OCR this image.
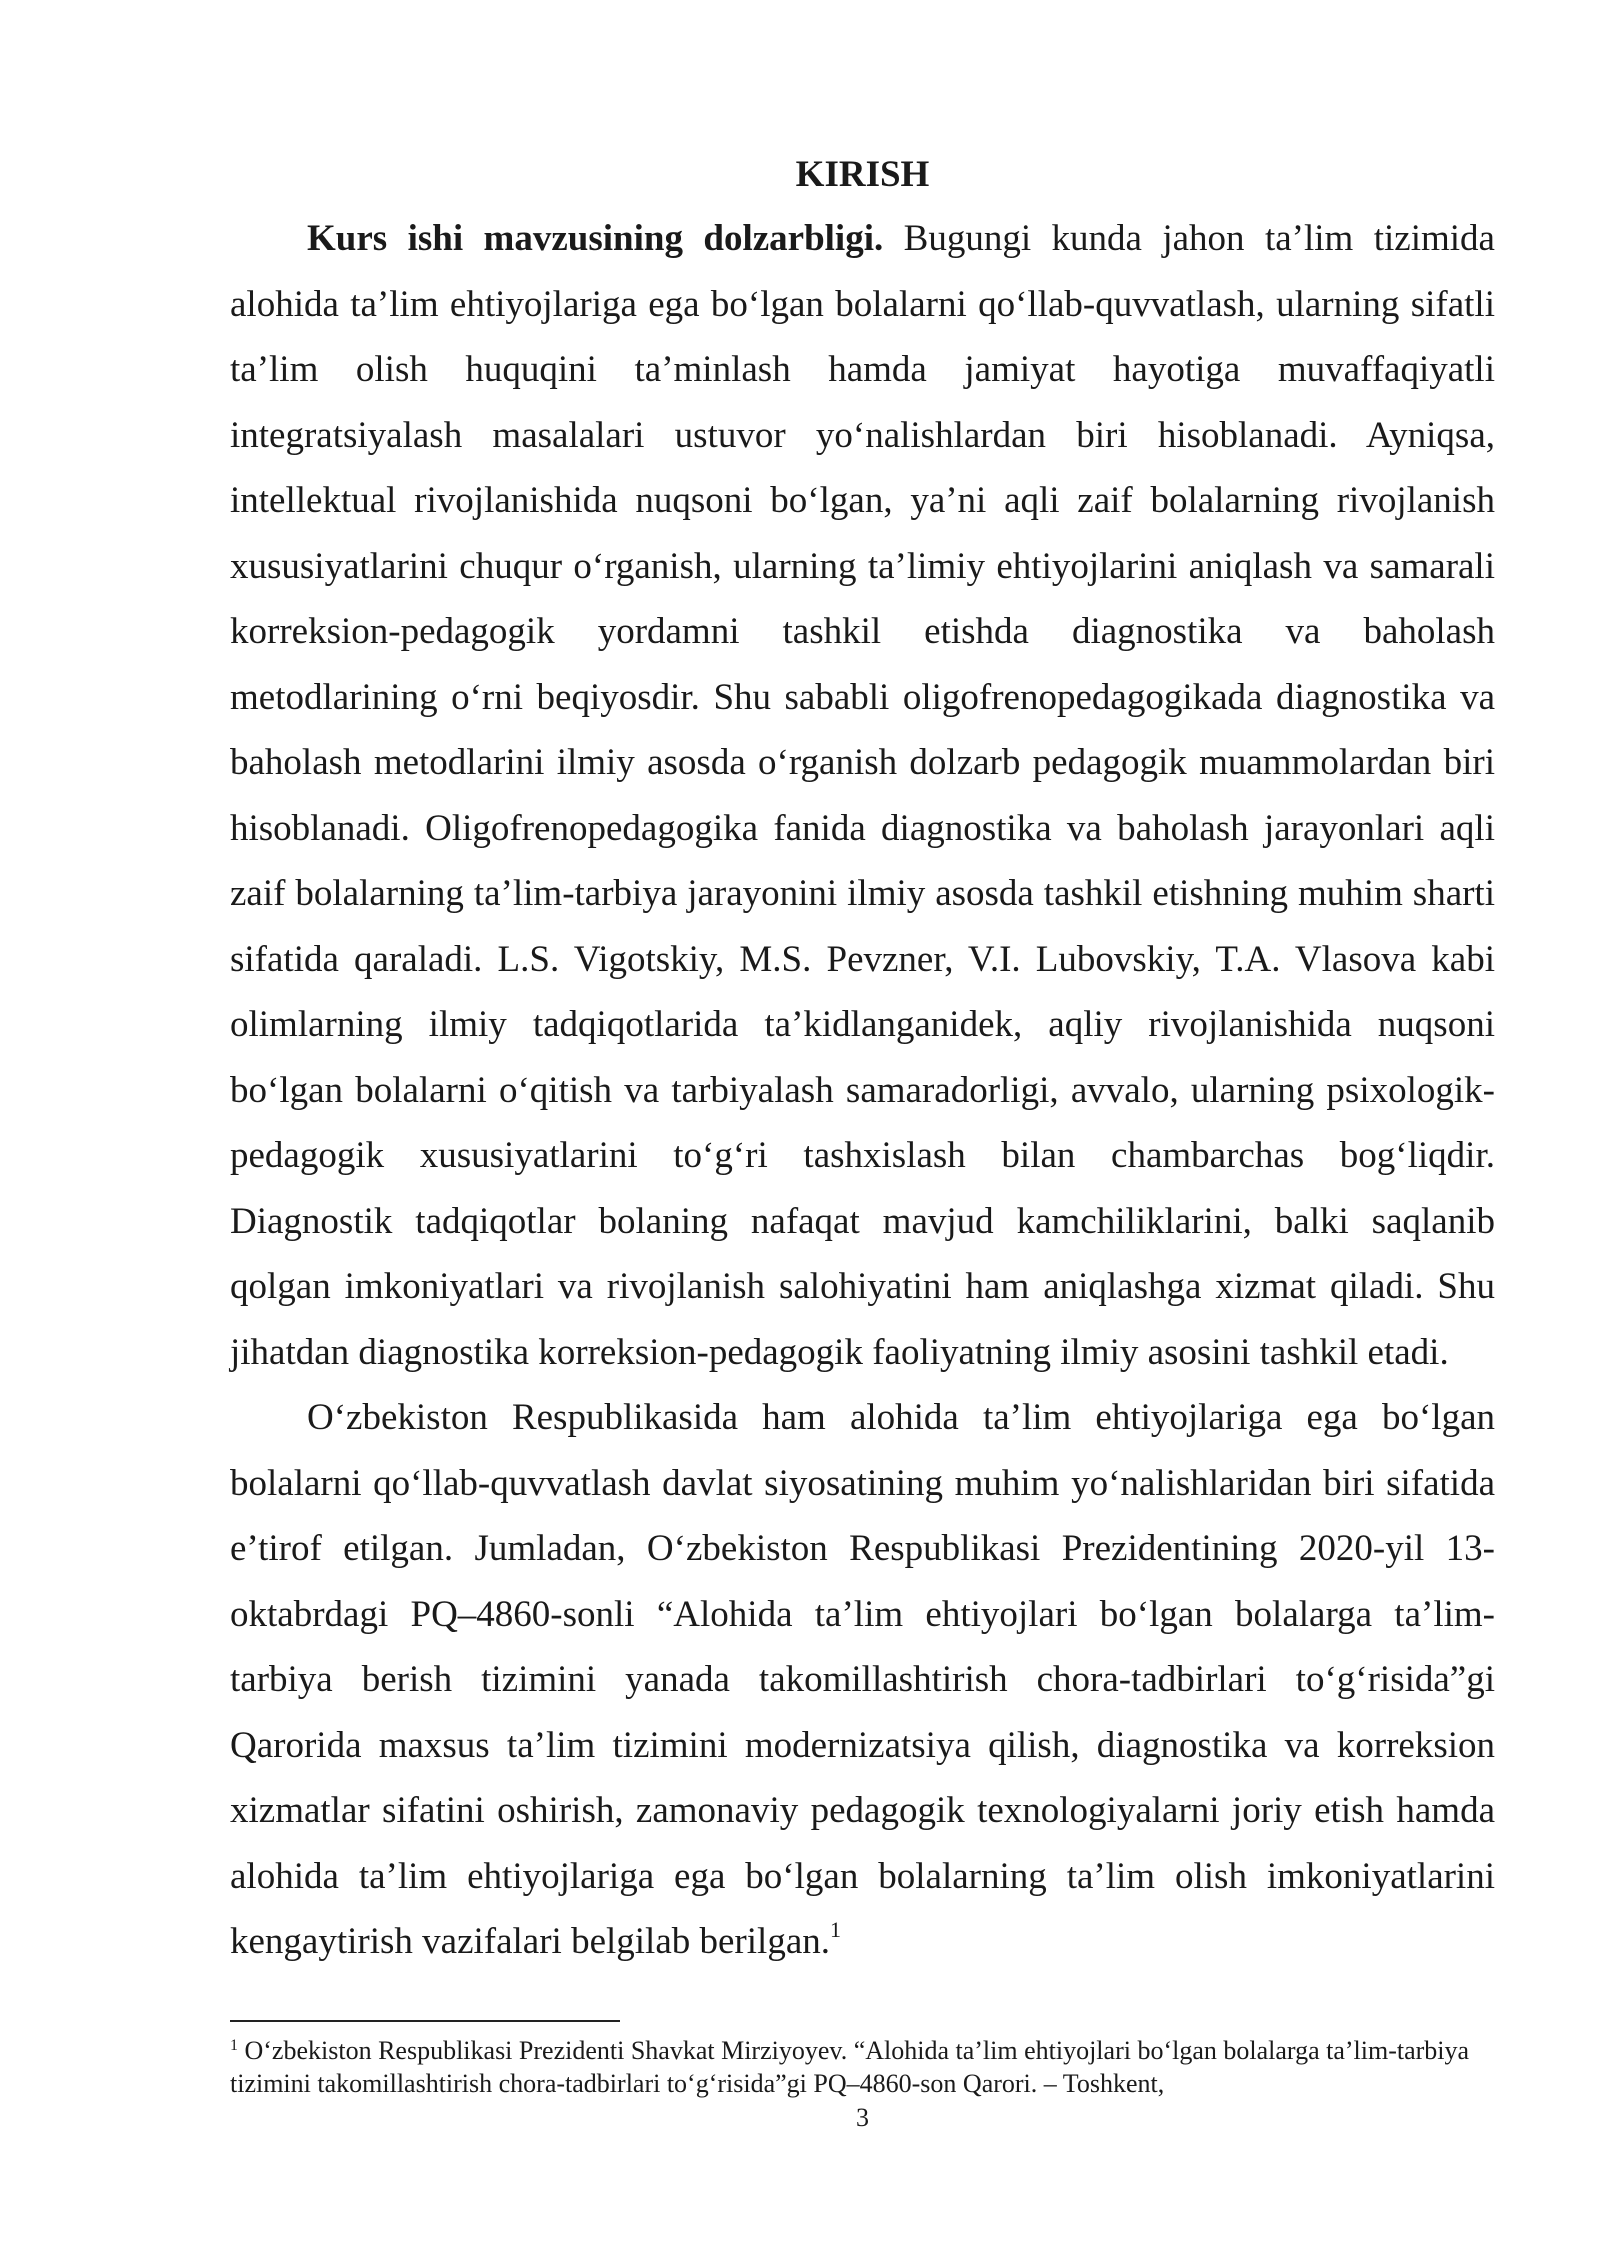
KIRISH

Kurs ishi mavzusining dolzarbligi. Bugungi kunda jahon ta’lim tizimida alohida ta’lim ehtiyojlariga ega bo‘lgan bolalarni qo‘llab-quvvatlash, ularning sifatli ta’lim olish huquqini ta’minlash hamda jamiyat hayotiga muvaffaqiyatli integratsiyalash masalalari ustuvor yo‘nalishlardan biri hisoblanadi. Ayniqsa, intellektual rivojlanishida nuqsoni bo‘lgan, ya’ni aqli zaif bolalarning rivojlanish xususiyatlarini chuqur o‘rganish, ularning ta’limiy ehtiyojlarini aniqlash va samarali korreksion-pedagogik yordamni tashkil etishda diagnostika va baholash metodlarining o‘rni beqiyosdir. Shu sababli oligofrenopedagogikada diagnostika va baholash metodlarini ilmiy asosda o‘rganish dolzarb pedagogik muammolardan biri hisoblanadi. Oligofrenopedagogika fanida diagnostika va baholash jarayonlari aqli zaif bolalarning ta’lim-tarbiya jarayonini ilmiy asosda tashkil etishning muhim sharti sifatida qaraladi. L.S. Vigotskiy, M.S. Pevzner, V.I. Lubovskiy, T.A. Vlasova kabi olimlarning ilmiy tadqiqotlarida ta’kidlanganidek, aqliy rivojlanishida nuqsoni bo‘lgan bolalarni o‘qitish va tarbiyalash samaradorligi, avvalo, ularning psixologik-pedagogik xususiyatlarini to‘g‘ri tashxislash bilan chambarchas bog‘liqdir. Diagnostik tadqiqotlar bolaning nafaqat mavjud kamchiliklarini, balki saqlanib qolgan imkoniyatlari va rivojlanish salohiyatini ham aniqlashga xizmat qiladi. Shu jihatdan diagnostika korreksion-pedagogik faoliyatning ilmiy asosini tashkil etadi.

O‘zbekiston Respublikasida ham alohida ta’lim ehtiyojlariga ega bo‘lgan bolalarni qo‘llab-quvvatlash davlat siyosatining muhim yo‘nalishlaridan biri sifatida e’tirof etilgan. Jumladan, O‘zbekiston Respublikasi Prezidentining 2020-yil 13-oktabrdagi PQ–4860-sonli “Alohida ta’lim ehtiyojlari bo‘lgan bolalarga ta’lim-tarbiya berish tizimini yanada takomillashtirish chora-tadbirlari to‘g‘risida”gi Qarorida maxsus ta’lim tizimini modernizatsiya qilish, diagnostika va korreksion xizmatlar sifatini oshirish, zamonaviy pedagogik texnologiyalarni joriy etish hamda alohida ta’lim ehtiyojlariga ega bo‘lgan bolalarning ta’lim olish imkoniyatlarini kengaytirish vazifalari belgilab berilgan.$^1$

$^1$ O‘zbekiston Respublikasi Prezidenti Shavkat Mirziyoyev. “Alohida ta’lim ehtiyojlari bo‘lgan bolalarga ta’lim-tarbiya tizimini takomillashtirish chora-tadbirlari to‘g‘risida”gi PQ–4860-son Qarori. – Toshkent,

3
